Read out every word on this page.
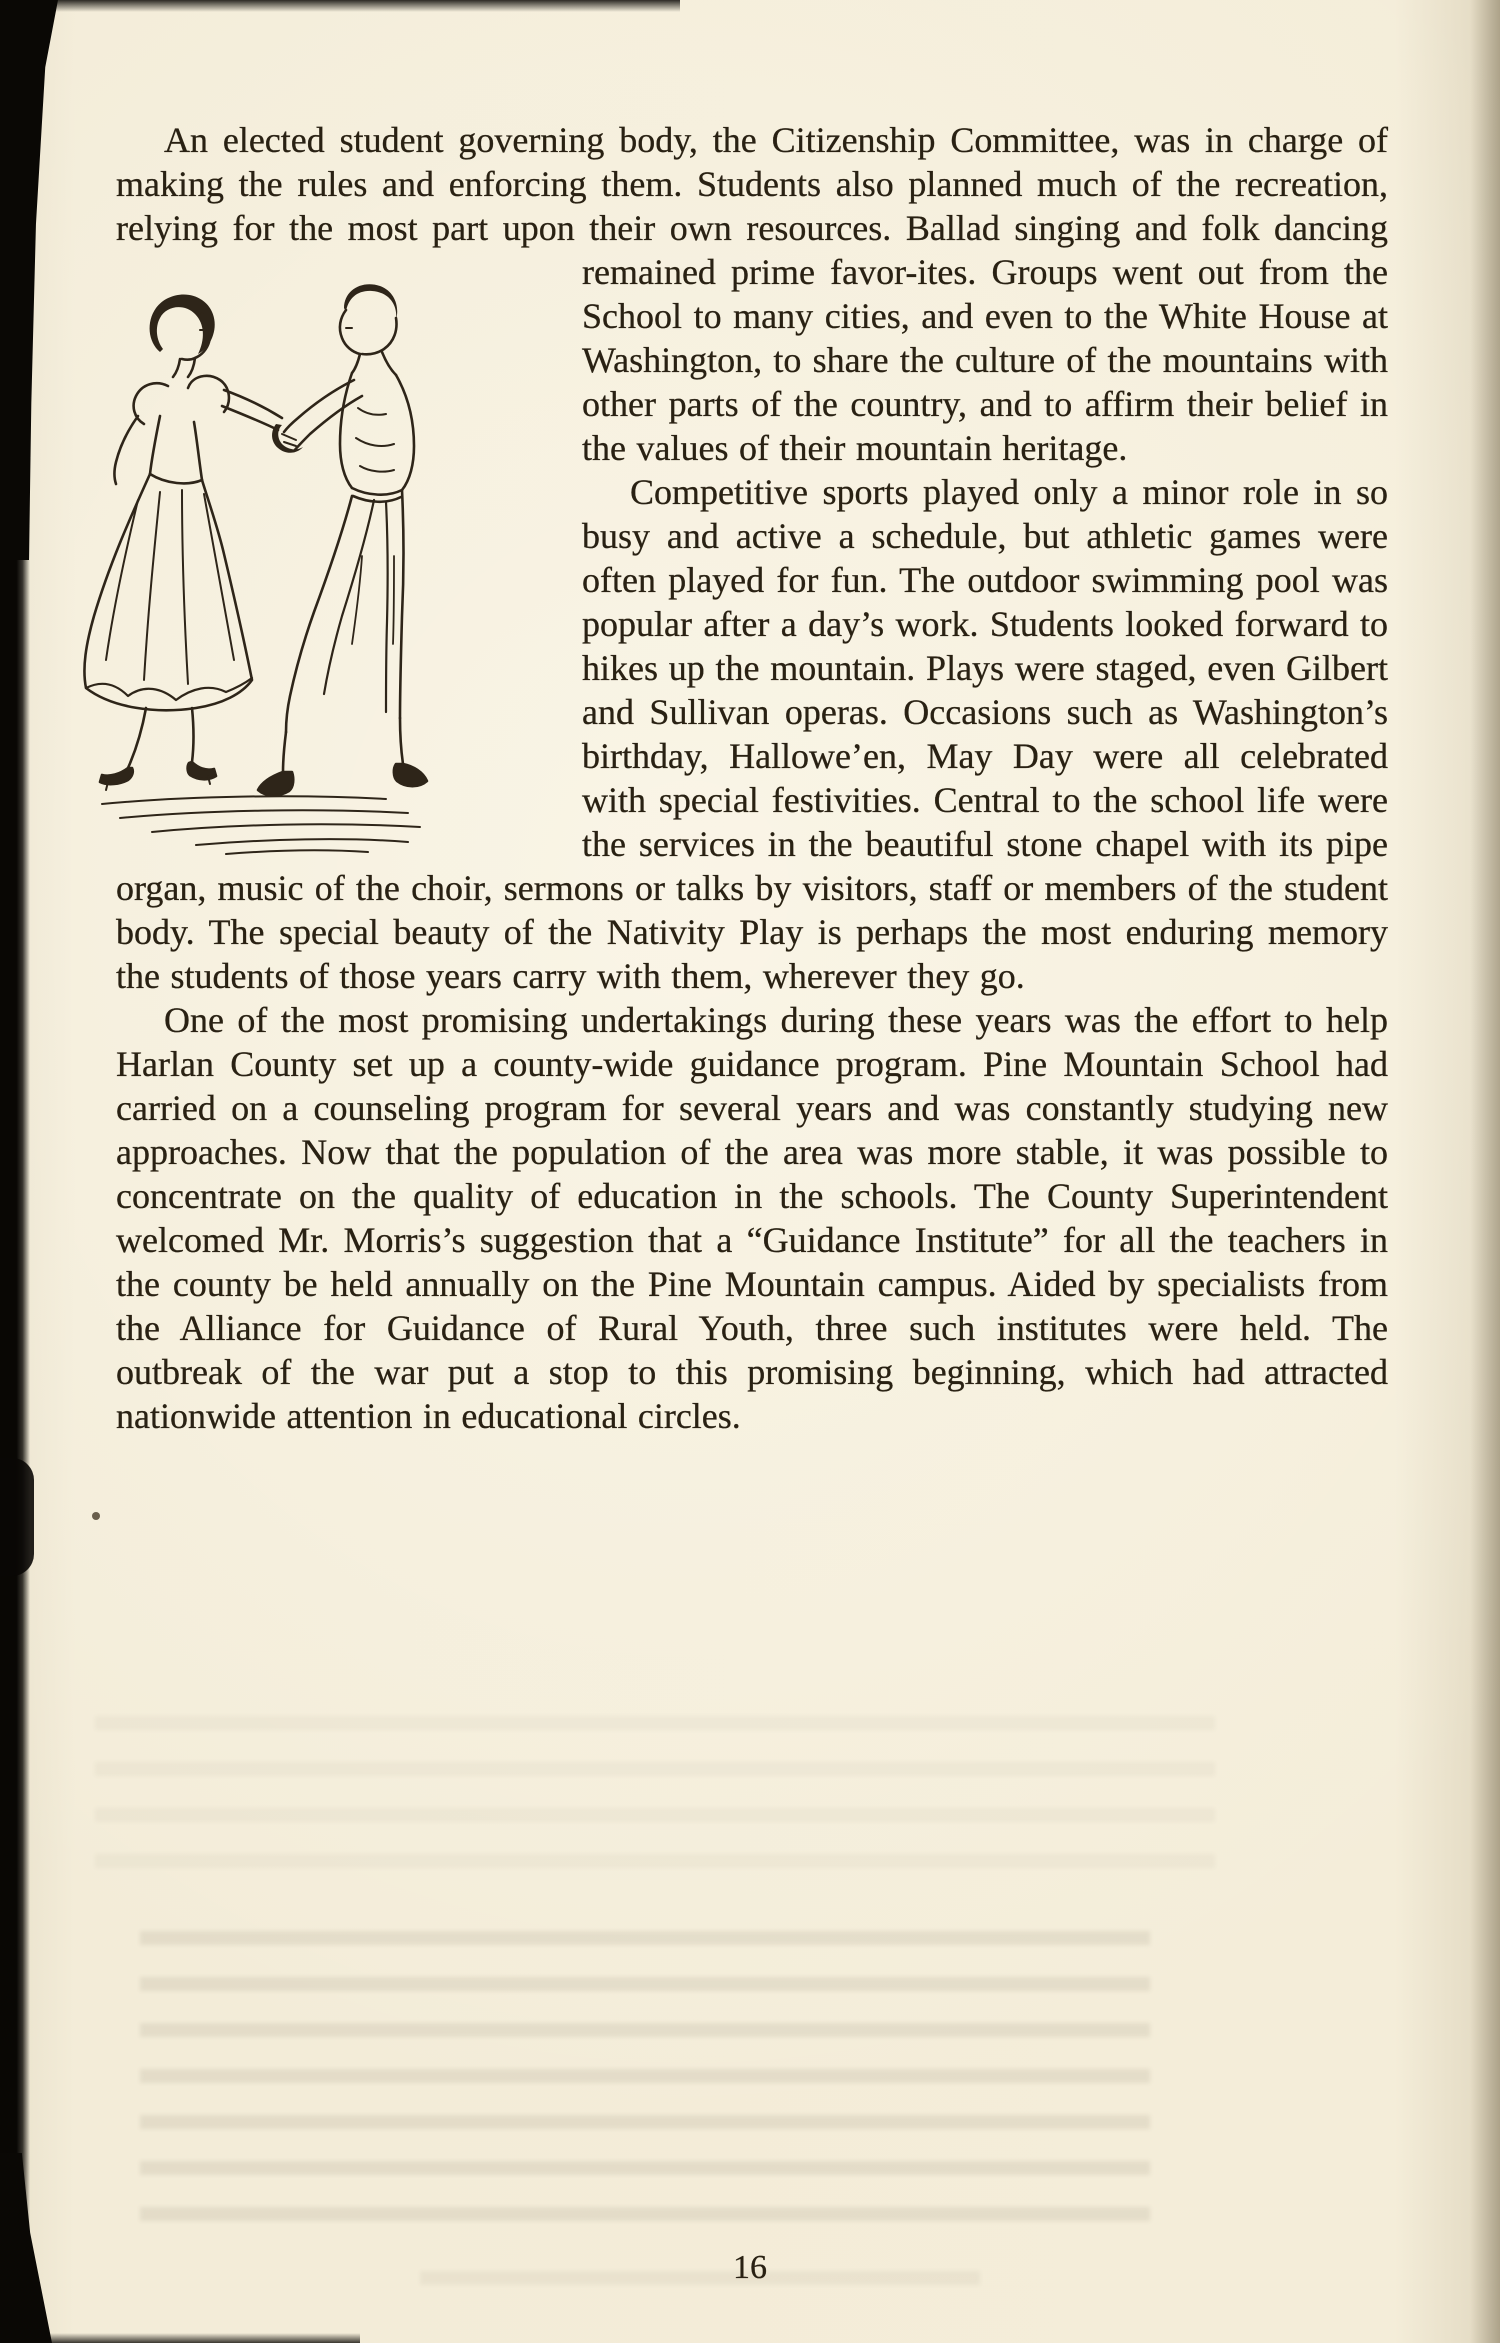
An elected student governing body, the Citizenship Committee, was in charge of making the rules and enforcing them. Students also planned much of the recreation, relying for the most part upon their own resources. Ballad singing and folk dancing remained prime favor-
ites. Groups went out from the School to many cities, and even to the White House at Washington, to share the culture of the mountains with other parts of the country, and to affirm their belief in the values of their mountain heritage.

Competitive sports played only a minor role in so busy and active a schedule, but athletic games were often played for fun. The outdoor swimming pool was popular after a day’s work. Students looked forward to hikes up the mountain. Plays were staged, even Gilbert and Sullivan operas. Occasions such as Washington’s birthday, Hallowe’en, May Day were all celebrated with special festivities. Central to the school life were the services in the beautiful stone chapel with its pipe organ, music of the choir, sermons or talks by visitors, staff or members of the student body. The special beauty of the Nativity Play is perhaps the most enduring memory the students of those years carry with them, wherever they go.

One of the most promising undertakings during these years was the effort to help Harlan County set up a county-wide guidance program. Pine Mountain School had carried on a counseling program for several years and was constantly studying new approaches. Now that the population of the area was more stable, it was possible to concentrate on the quality of education in the schools. The County Superintendent welcomed Mr. Morris’s suggestion that a “Guidance Institute” for all the teachers in the county be held annually on the Pine Mountain campus. Aided by specialists from the Alliance for Guidance of Rural Youth, three such institutes were held. The outbreak of the war put a stop to this promising beginning, which had attracted nationwide attention in educational circles.

16
